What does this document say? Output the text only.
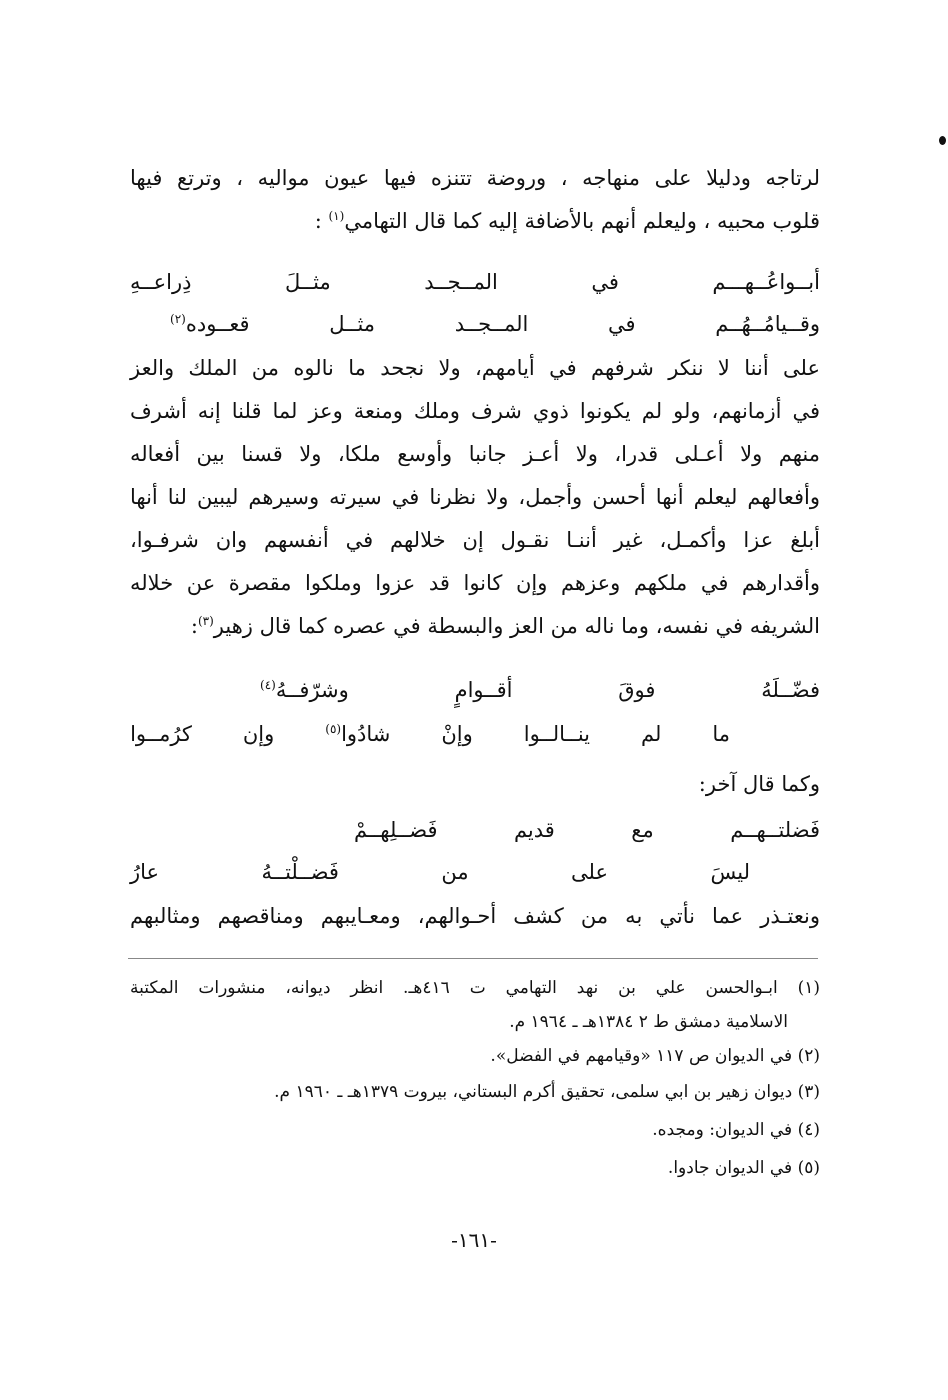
لرتاجه ودليلا على منهاجه ، وروضة تتنزه فيها عيون مواليه ، وترتع فيها
قلوب محبيه ، وليعلم أنهم بالأضافة إليه كما قال التهامي$^{(١)}$ :
أبــواعُــهـــم
في
المــجــد
مثــلَ
ذِراعــهِ
وقــيامُــهُــم
في
المــجــد
مثــل
قعــوده(٢)
على أننا لا ننكر شرفهم في أيامهم، ولا نجحد ما نالوه من الملك والعز
في أزمانهم، ولو لم يكونوا ذوي شرف وملك ومنعة وعز لما قلنا إنه أشرف
منهم ولا أعـلى قدرا، ولا أعـز جانبا وأوسع ملكا، ولا قسنا بين أفعاله
وأفعالهم ليعلم أنها أحسن وأجمل، ولا نظرنا في سيرته وسيرهم ليبين لنا أنها
أبلغ عزا وأكمـل، غير أننـا نقـول إن خلالهم في أنفسهم وان شرفـوا،
وأقدارهم في ملكهم وعزهم وإن كانوا قد عزوا وملكوا مقصرة عن خلاله
الشريفه في نفسه، وما ناله من العز والبسطة في عصره كما قال زهير$^{(٣)}$:
فضّــلَهُ
فوقَ
أقــوامٍ
وشرّفــهُ(٤)
ما
لم
ينــالــوا
وإنْ
شادُوا(٥)
وإن
كرُمــوا
وكما قال آخر:
فَضلتــهــم
مع
قديم
فَضــلِهــمْ
ليسَ
على
من
فَضــلْتــهُ
عارُ
ونعتـذر عما نأتي به من كشف أحـوالهم، ومعـايبهم ومناقصهم ومثالبهم
(١) ابـوالحسن علي بن نهد التهامي ت ٤١٦هـ. انظر ديوانه، منشورات المكتبة
الاسلامية دمشق ط ٢ ١٣٨٤هـ ـ ١٩٦٤ م.
(٢) في الديوان ص ١١٧ «وقيامهم في الفضل».
(٣) ديوان زهير بن ابي سلمى، تحقيق أكرم البستاني، بيروت ١٣٧٩هـ ـ ١٩٦٠ م.
(٤) في الديوان: ومجده.
(٥) في الديوان جادوا.
-١٦١-
